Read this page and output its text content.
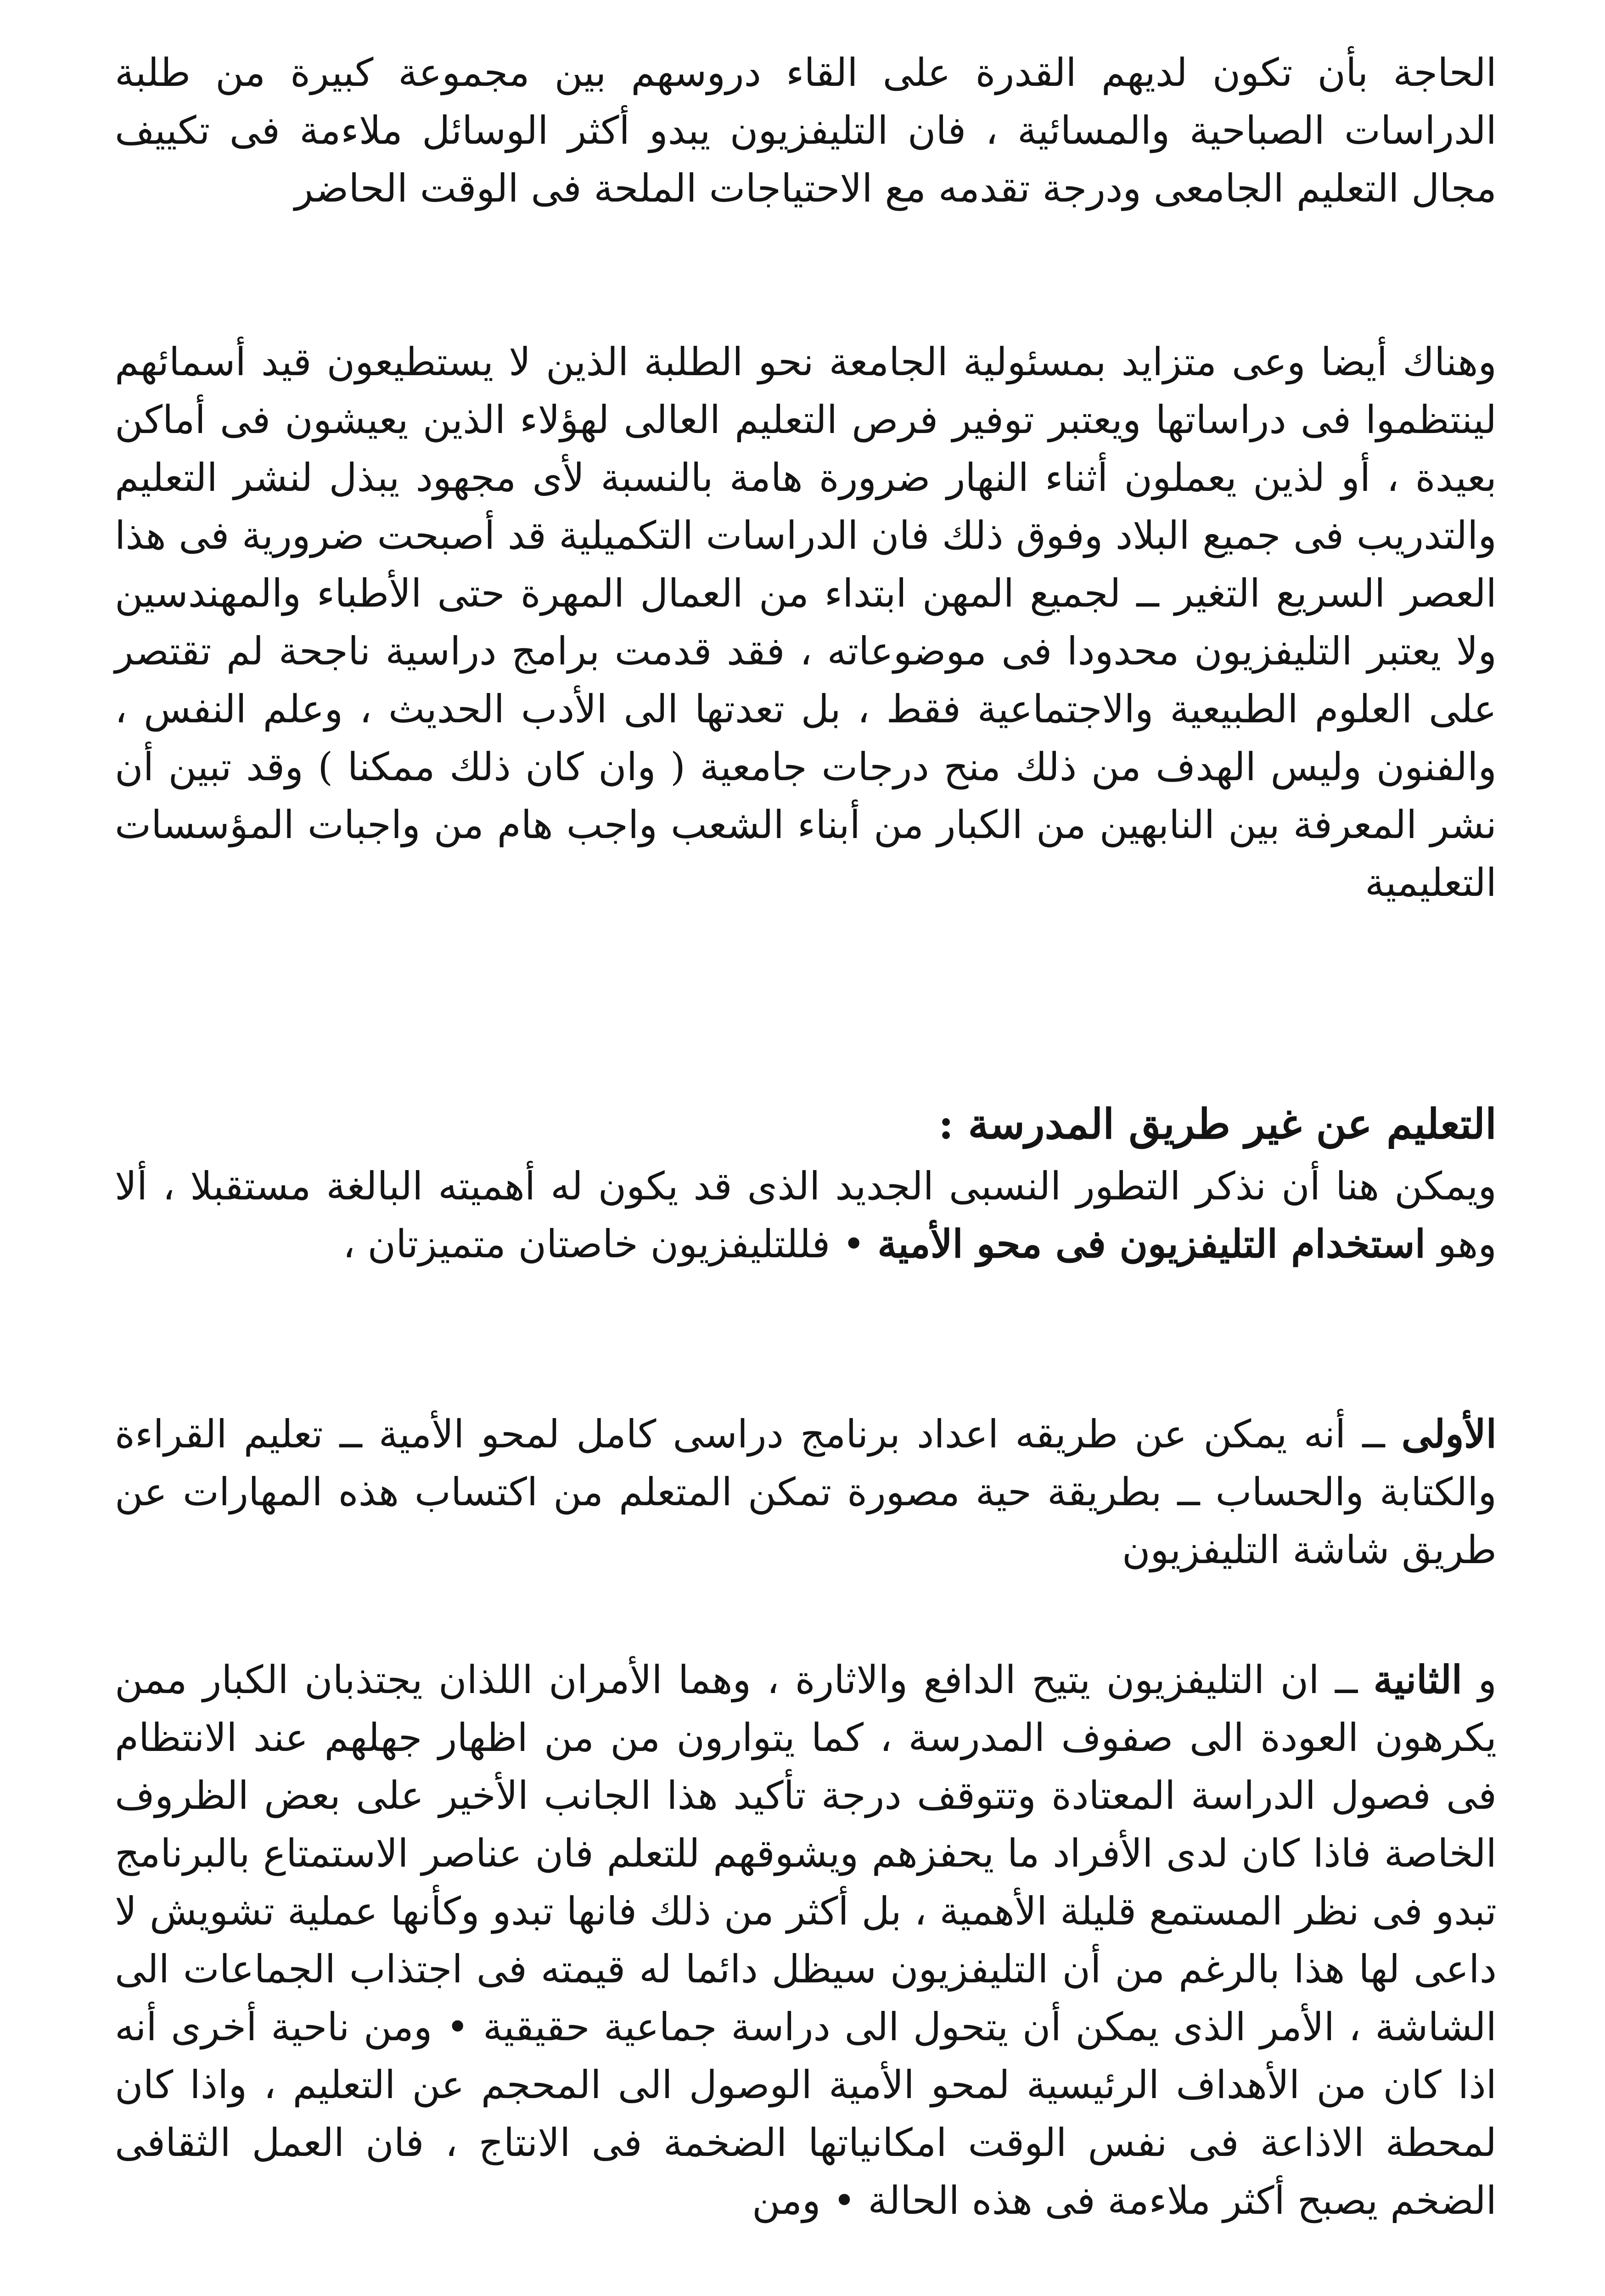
الحاجة بأن تكون لديهم القدرة على القاء دروسهم بين مجموعة كبيرة من طلبة الدراسات الصباحية والمسائية ، فان التليفزيون يبدو أكثر الوسائل ملاءمة فى تكييف مجال التعليم الجامعى ودرجة تقدمه مع الاحتياجات الملحة فى الوقت الحاضر

وهناك أيضا وعى متزايد بمسئولية الجامعة نحو الطلبة الذين لا يستطيعون قيد أسمائهم لينتظموا فى دراساتها ويعتبر توفير فرص التعليم العالى لهؤلاء الذين يعيشون فى أماكن بعيدة ، أو لذين يعملون أثناء النهار ضرورة هامة بالنسبة لأى مجهود يبذل لنشر التعليم والتدريب فى جميع البلاد وفوق ذلك فان الدراسات التكميلية قد أصبحت ضرورية فى هذا العصر السريع التغير ــ لجميع المهن ابتداء من العمال المهرة حتى الأطباء والمهندسين ولا يعتبر التليفزيون محدودا فى موضوعاته ، فقد قدمت برامج دراسية ناجحة لم تقتصر على العلوم الطبيعية والاجتماعية فقط ، بل تعدتها الى الأدب الحديث ، وعلم النفس ، والفنون وليس الهدف من ذلك منح درجات جامعية ( وان كان ذلك ممكنا ) وقد تبين أن نشر المعرفة بين النابهين من الكبار من أبناء الشعب واجب هام من واجبات المؤسسات التعليمية

التعليم عن غير طريق المدرسة :

ويمكن هنا أن نذكر التطور النسبى الجديد الذى قد يكون له أهميته البالغة مستقبلا ، ألا وهو استخدام التليفزيون فى محو الأمية • فللتليفزيون خاصتان متميزتان ،

الأولى ــ أنه يمكن عن طريقه اعداد برنامج دراسى كامل لمحو الأمية ــ تعليم القراءة والكتابة والحساب ــ بطريقة حية مصورة تمكن المتعلم من اكتساب هذه المهارات عن طريق شاشة التليفزيون

و الثانية ــ ان التليفزيون يتيح الدافع والاثارة ، وهما الأمران اللذان يجتذبان الكبار ممن يكرهون العودة الى صفوف المدرسة ، كما يتوارون من من اظهار جهلهم عند الانتظام فى فصول الدراسة المعتادة وتتوقف درجة تأكيد هذا الجانب الأخير على بعض الظروف الخاصة فاذا كان لدى الأفراد ما يحفزهم ويشوقهم للتعلم فان عناصر الاستمتاع بالبرنامج تبدو فى نظر المستمع قليلة الأهمية ، بل أكثر من ذلك فانها تبدو وكأنها عملية تشويش لا داعى لها هذا بالرغم من أن التليفزيون سيظل دائما له قيمته فى اجتذاب الجماعات الى الشاشة ، الأمر الذى يمكن أن يتحول الى دراسة جماعية حقيقية • ومن ناحية أخرى أنه اذا كان من الأهداف الرئيسية لمحو الأمية الوصول الى المحجم عن التعليم ، واذا كان لمحطة الاذاعة فى نفس الوقت امكانياتها الضخمة فى الانتاج ، فان العمل الثقافى الضخم يصبح أكثر ملاءمة فى هذه الحالة • ومن
